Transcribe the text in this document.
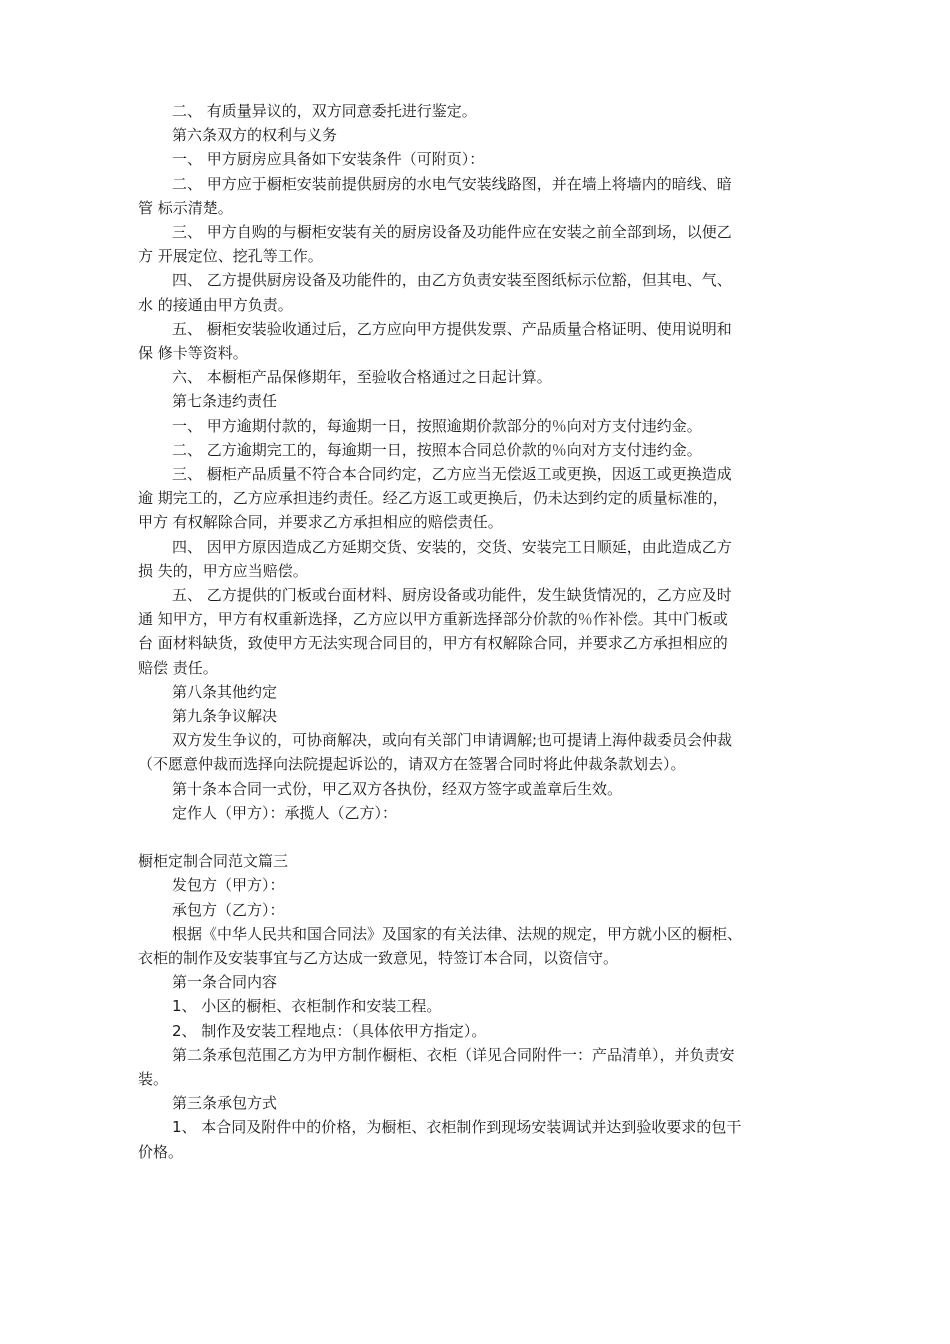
二、 有质量异议的，双方同意委托进行鉴定。

第六条双方的权利与义务

一、 甲方厨房应具备如下安装条件（可附页）：

二、 甲方应于橱柜安装前提供厨房的水电气安装线路图，并在墙上将墙内的暗线、暗

管 标示清楚。

三、 甲方自购的与橱柜安装有关的厨房设备及功能件应在安装之前全部到场，以便乙

方 开展定位、挖孔等工作。

四、 乙方提供厨房设备及功能件的，由乙方负责安装至图纸标示位豁，但其电、气、

水 的接通由甲方负责。

五、 橱柜安装验收通过后，乙方应向甲方提供发票、产品质量合格证明、使用说明和

保 修卡等资料。

六、 本橱柜产品保修期年，至验收合格通过之日起计算。

第七条违约责任

一、 甲方逾期付款的，每逾期一日，按照逾期价款部分的％向对方支付违约金。

二、 乙方逾期完工的，每逾期一日，按照本合同总价款的％向对方支付违约金。

三、 橱柜产品质量不符合本合同约定，乙方应当无偿返工或更换，因返工或更换造成

逾 期完工的，乙方应承担违约责任。经乙方返工或更换后，仍未达到约定的质量标准的，

甲方 有权解除合同，并要求乙方承担相应的赔偿责任。

四、 因甲方原因造成乙方延期交货、安装的，交货、安装完工日顺延，由此造成乙方

损 失的，甲方应当赔偿。

五、 乙方提供的门板或台面材料、厨房设备或功能件，发生缺货情况的，乙方应及时

通 知甲方，甲方有权重新选择，乙方应以甲方重新选择部分价款的％作补偿。其中门板或

台 面材料缺货，致使甲方无法实现合同目的，甲方有权解除合同，并要求乙方承担相应的

赔偿 责任。

第八条其他约定

第九条争议解决

双方发生争议的，可协商解决，或向有关部门申请调解;也可提请上海仲裁委员会仲裁

（不愿意仲裁而选择向法院提起诉讼的，请双方在签署合同时将此仲裁条款划去）。

第十条本合同一式份，甲乙双方各执份，经双方签字或盖章后生效。

定作人（甲方）：承揽人（乙方）：

橱柜定制合同范文篇三

发包方（甲方）：

承包方（乙方）：

根据《中华人民共和国合同法》及国家的有关法律、法规的规定，甲方就小区的橱柜、

衣柜的制作及安装事宜与乙方达成一致意见，特签订本合同，以资信守。

第一条合同内容

1、 小区的橱柜、衣柜制作和安装工程。

2、 制作及安装工程地点：（具体依甲方指定）。

第二条承包范围乙方为甲方制作橱柜、衣柜（详见合同附件一：产品清单），并负责安

装。

第三条承包方式

1、 本合同及附件中的价格，为橱柜、衣柜制作到现场安装调试并达到验收要求的包干

价格。
